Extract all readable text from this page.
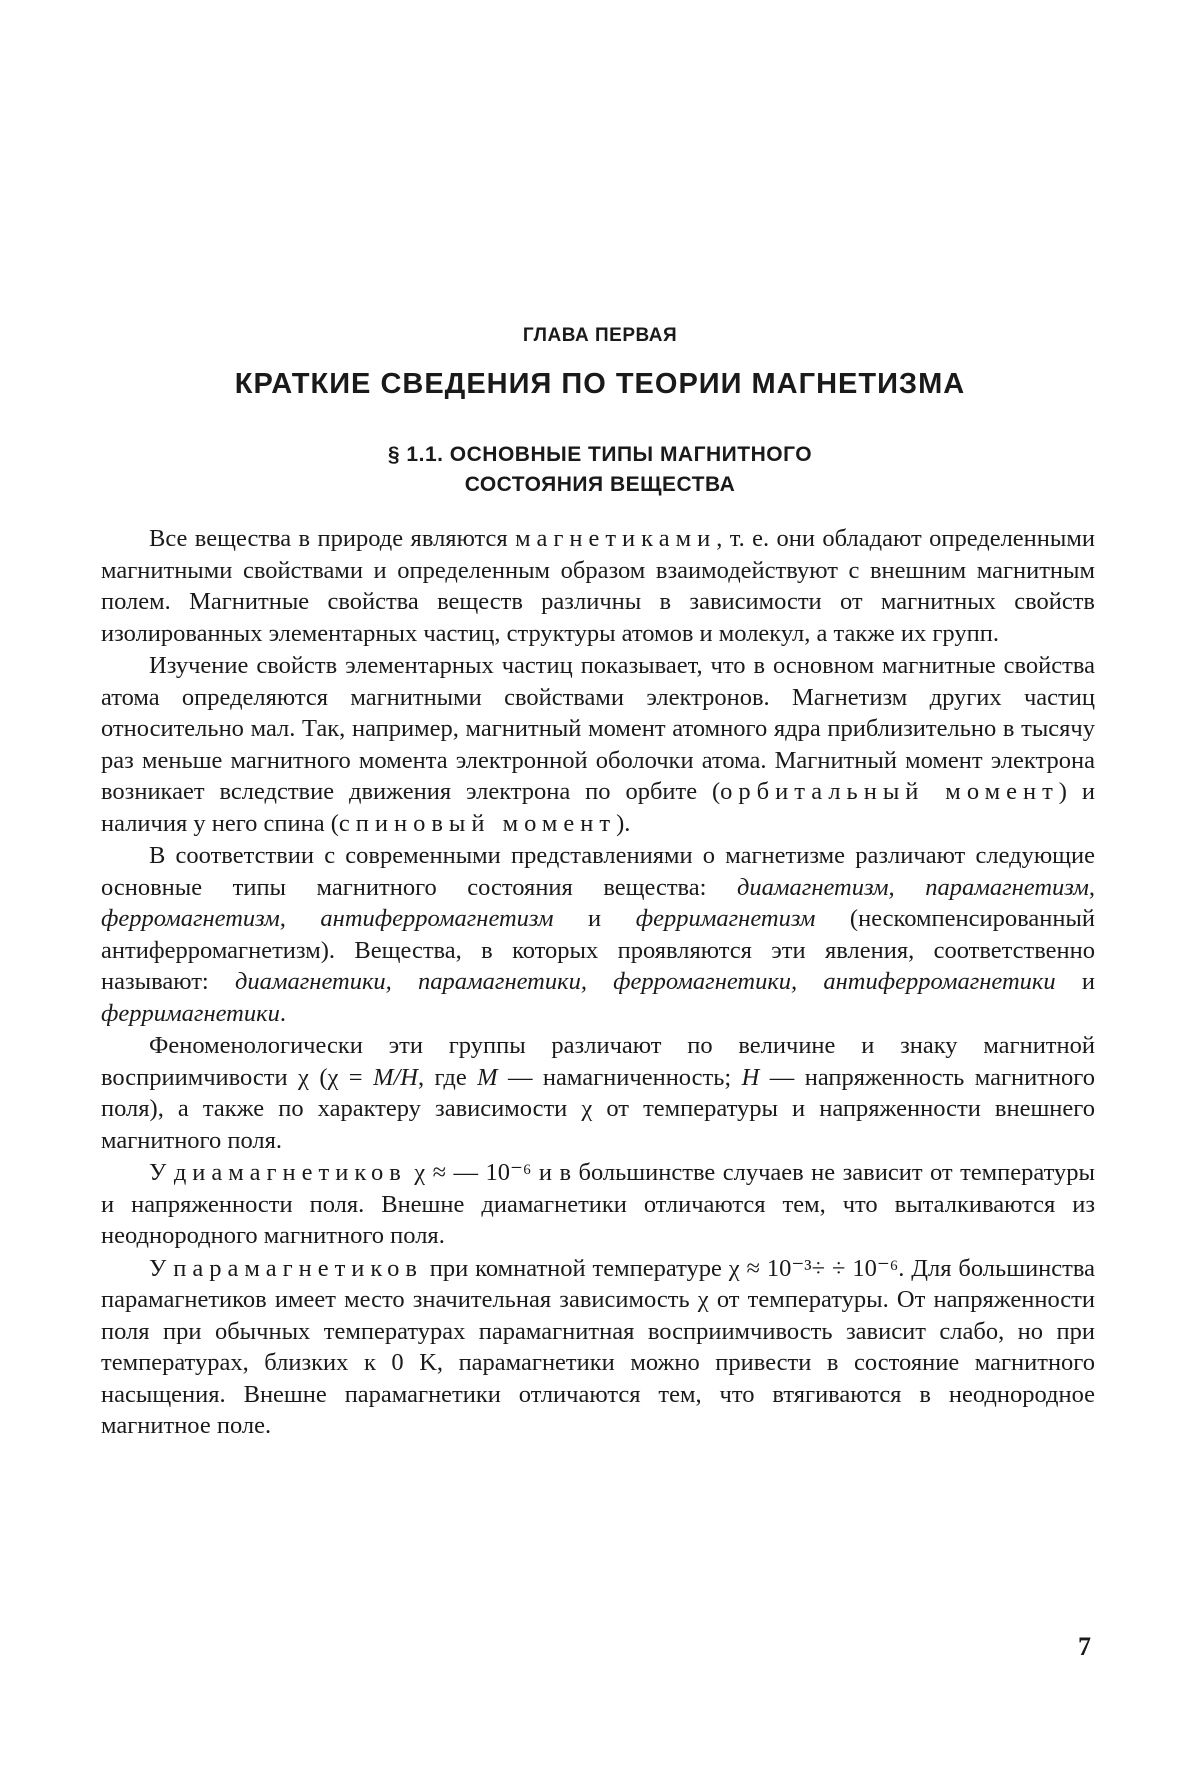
ГЛАВА ПЕРВАЯ
КРАТКИЕ СВЕДЕНИЯ ПО ТЕОРИИ МАГНЕТИЗМА
§ 1.1. ОСНОВНЫЕ ТИПЫ МАГНИТНОГО
СОСТОЯНИЯ ВЕЩЕСТВА

Все вещества в природе являются магнетиками, т. е. они обладают определенными магнитными свойствами и определенным образом взаимодействуют с внешним магнитным полем. Магнитные свойства веществ различны в зависимости от магнитных свойств изолированных элементарных частиц, структуры атомов и молекул, а также их групп.

Изучение свойств элементарных частиц показывает, что в основном магнитные свойства атома определяются магнитными свойствами электронов. Магнетизм других частиц относительно мал. Так, например, магнитный момент атомного ядра приблизительно в тысячу раз меньше магнитного момента электронной оболочки атома. Магнитный момент электрона возникает вследствие движения электрона по орбите (орбитальный момент) и наличия у него спина (спиновый момент).

В соответствии с современными представлениями о магнетизме различают следующие основные типы магнитного состояния вещества: диамагнетизм, парамагнетизм, ферромагнетизм, антиферромагнетизм и ферримагнетизм (нескомпенсированный антиферромагнетизм). Вещества, в которых проявляются эти явления, соответственно называют: диамагнетики, парамагнетики, ферромагнетики, антиферромагнетики и ферримагнетики.

Феноменологически эти группы различают по величине и знаку магнитной восприимчивости χ (χ = M/H, где M — намагниченность; H — напряженность магнитного поля), а также по характеру зависимости χ от температуры и напряженности внешнего магнитного поля.

У диамагнетиков χ ≈ — 10⁻⁶ и в большинстве случаев не зависит от температуры и напряженности поля. Внешне диамагнетики отличаются тем, что выталкиваются из неоднородного магнитного поля.

У парамагнетиков при комнатной температуре χ ≈ 10⁻³÷ ÷ 10⁻⁶. Для большинства парамагнетиков имеет место значительная зависимость χ от температуры. От напряженности поля при обычных температурах парамагнитная восприимчивость зависит слабо, но при температурах, близких к 0 K, парамагнетики можно привести в состояние магнитного насыщения. Внешне парамагнетики отличаются тем, что втягиваются в неоднородное магнитное поле.

7
